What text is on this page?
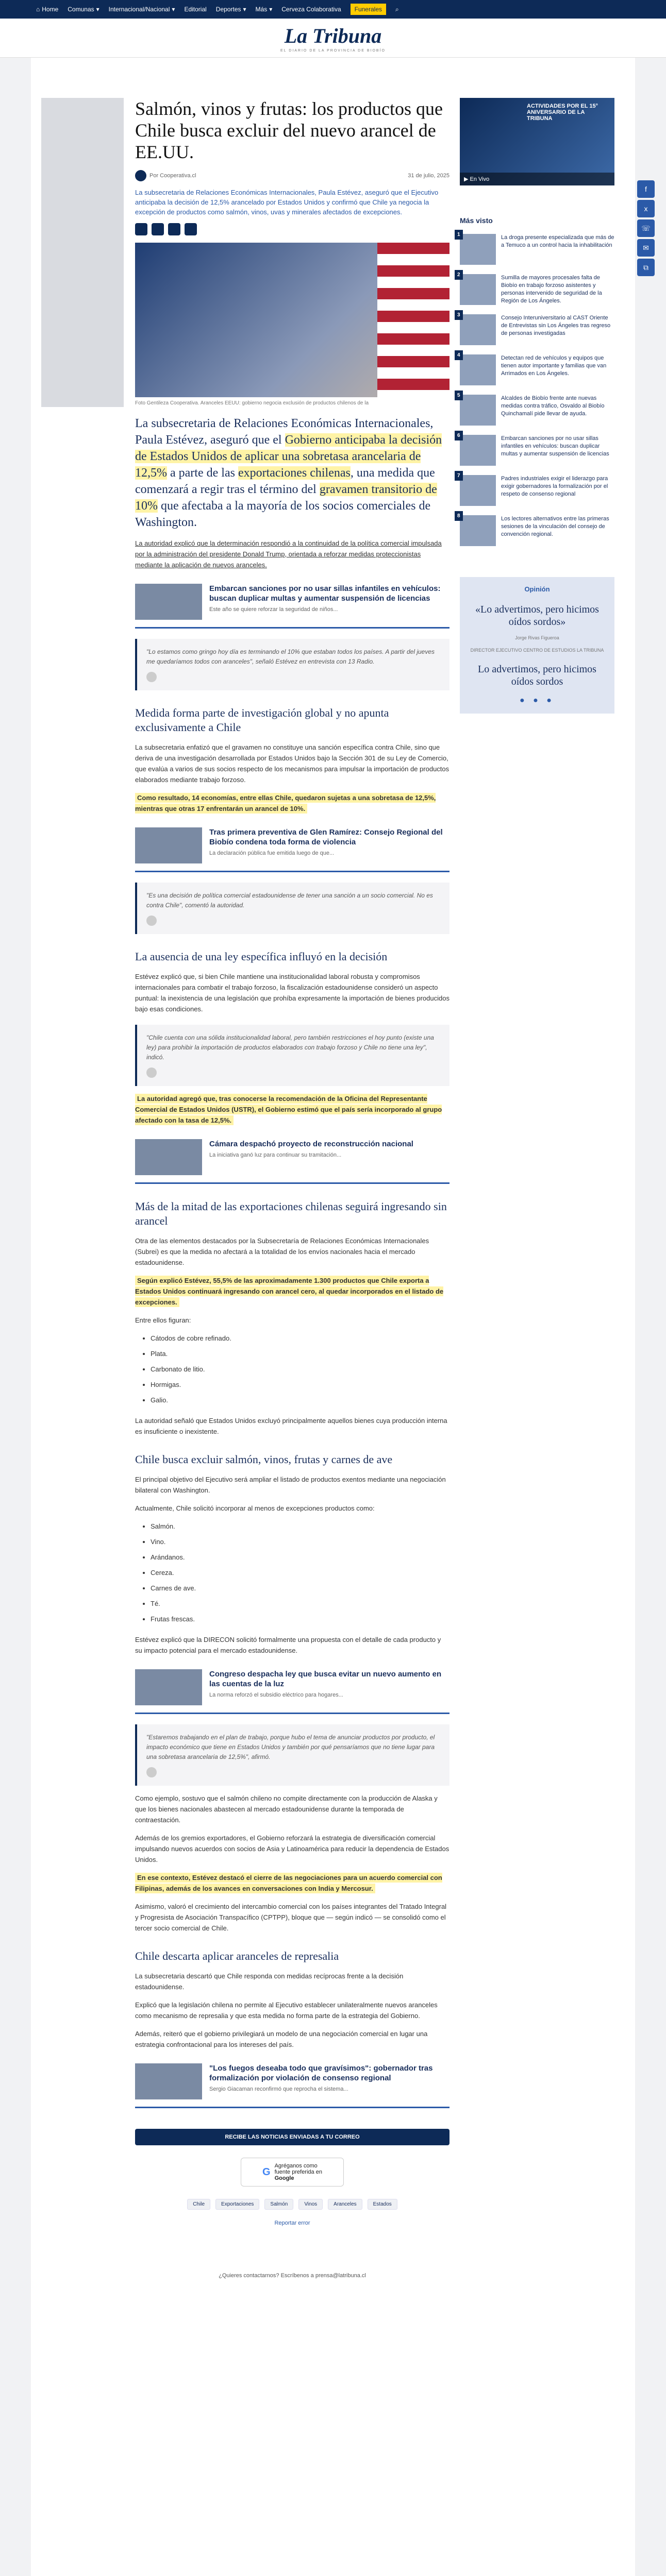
⌂ Home Comunas ▾ Internacional/Nacional ▾ Editorial Deportes ▾ Más ▾ Cerveza Colaborativa Funerales ⌕
La Tribuna
EL DIARIO DE LA PROVINCIA DE BIOBÍO
f
x
☏
✉
⧉
Salmón, vinos y frutas: los productos que Chile busca excluir del nuevo arancel de EE.UU.
Por Cooperativa.cl	31 de julio, 2025

La subsecretaria de Relaciones Económicas Internacionales, Paula Estévez, aseguró que el Ejecutivo anticipaba la decisión de 12,5% arancelado por Estados Unidos y confirmó que Chile ya negocia la excepción de productos como salmón, vinos, uvas y minerales afectados de excepciones.

Foto Gentileza Cooperativa. Aranceles EEUU: gobierno negocia exclusión de productos chilenos de la
La subsecretaria de Relaciones Económicas Internacionales, Paula Estévez, aseguró que el Gobierno anticipaba la decisión de Estados Unidos de aplicar una sobretasa arancelaria de 12,5% a parte de las exportaciones chilenas, una medida que comenzará a regir tras el término del gravamen transitorio de 10% que afectaba a la mayoría de los socios comerciales de Washington.

La autoridad explicó que la determinación respondió a la continuidad de la política comercial impulsada por la administración del presidente Donald Trump, orientada a reforzar medidas proteccionistas mediante la aplicación de nuevos aranceles.

Embarcan sanciones por no usar sillas infantiles en vehículos: buscan duplicar multas y aumentar suspensión de licencias
Este año se quiere reforzar la seguridad de niños...
"Lo estamos como gringo hoy día es terminando el 10% que estaban todos los países. A partir del jueves me quedaríamos todos con aranceles", señaló Estévez en entrevista con 13 Radio.
Medida forma parte de investigación global y no apunta exclusivamente a Chile

La subsecretaria enfatizó que el gravamen no constituye una sanción específica contra Chile, sino que deriva de una investigación desarrollada por Estados Unidos bajo la Sección 301 de su Ley de Comercio, que evalúa a varios de sus socios respecto de los mecanismos para impulsar la importación de productos elaborados mediante trabajo forzoso.

Como resultado, 14 economías, entre ellas Chile, quedaron sujetas a una sobretasa de 12,5%, mientras que otras 17 enfrentarán un arancel de 10%.

Tras primera preventiva de Glen Ramírez: Consejo Regional del Biobío condena toda forma de violencia
La declaración pública fue emitida luego de que...
"Es una decisión de política comercial estadounidense de tener una sanción a un socio comercial. No es contra Chile", comentó la autoridad.
La ausencia de una ley específica influyó en la decisión

Estévez explicó que, si bien Chile mantiene una institucionalidad laboral robusta y compromisos internacionales para combatir el trabajo forzoso, la fiscalización estadounidense consideró un aspecto puntual: la inexistencia de una legislación que prohíba expresamente la importación de bienes producidos bajo esas condiciones.

"Chile cuenta con una sólida institucionalidad laboral, pero también restricciones el hoy punto (existe una ley) para prohibir la importación de productos elaborados con trabajo forzoso y Chile no tiene una ley", indicó.

La autoridad agregó que, tras conocerse la recomendación de la Oficina del Representante Comercial de Estados Unidos (USTR), el Gobierno estimó que el país sería incorporado al grupo afectado con la tasa de 12,5%.

Cámara despachó proyecto de reconstrucción nacional
La iniciativa ganó luz para continuar su tramitación...
Más de la mitad de las exportaciones chilenas seguirá ingresando sin arancel

Otra de las elementos destacados por la Subsecretaría de Relaciones Económicas Internacionales (Subrei) es que la medida no afectará a la totalidad de los envíos nacionales hacia el mercado estadounidense.

Según explicó Estévez, 55,5% de las aproximadamente 1.300 productos que Chile exporta a Estados Unidos continuará ingresando con arancel cero, al quedar incorporados en el listado de excepciones.

Entre ellos figuran:

• Cátodos de cobre refinado.
• Plata.
• Carbonato de litio.
• Hormigas.
• Galio.

La autoridad señaló que Estados Unidos excluyó principalmente aquellos bienes cuya producción interna es insuficiente o inexistente.

Chile busca excluir salmón, vinos, frutas y carnes de ave

El principal objetivo del Ejecutivo será ampliar el listado de productos exentos mediante una negociación bilateral con Washington.

Actualmente, Chile solicitó incorporar al menos de excepciones productos como:

• Salmón.
• Vino.
• Arándanos.
• Cereza.
• Carnes de ave.
• Té.
• Frutas frescas.

Estévez explicó que la DIRECON solicitó formalmente una propuesta con el detalle de cada producto y su impacto potencial para el mercado estadounidense.

Congreso despacha ley que busca evitar un nuevo aumento en las cuentas de la luz
La norma reforzó el subsidio eléctrico para hogares...
"Estaremos trabajando en el plan de trabajo, porque hubo el tema de anunciar productos por producto, el impacto económico que tiene en Estados Unidos y también por qué pensaríamos que no tiene lugar para una sobretasa arancelaria de 12,5%", afirmó.

Como ejemplo, sostuvo que el salmón chileno no compite directamente con la producción de Alaska y que los bienes nacionales abastecen al mercado estadounidense durante la temporada de contraestación.

Además de los gremios exportadores, el Gobierno reforzará la estrategia de diversificación comercial impulsando nuevos acuerdos con socios de Asia y Latinoamérica para reducir la dependencia de Estados Unidos.

En ese contexto, Estévez destacó el cierre de las negociaciones para un acuerdo comercial con Filipinas, además de los avances en conversaciones con India y Mercosur.

Asimismo, valoró el crecimiento del intercambio comercial con los países integrantes del Tratado Integral y Progresista de Asociación Transpacífico (CPTPP), bloque que — según indicó — se consolidó como el tercer socio comercial de Chile.

Chile descarta aplicar aranceles de represalia

La subsecretaria descartó que Chile responda con medidas recíprocas frente a la decisión estadounidense.

Explicó que la legislación chilena no permite al Ejecutivo establecer unilateralmente nuevos aranceles como mecanismo de represalia y que esta medida no forma parte de la estrategia del Gobierno.

Además, reiteró que el gobierno privilegiará un modelo de una negociación comercial en lugar una estrategia confrontacional para los intereses del país.

"Los fuegos deseaba todo que gravísimos": gobernador tras formalización por violación de consenso regional
Sergio Giacaman reconfirmó que reprocha el sistema...
RECIBE LAS NOTICIAS ENVIADAS A TU CORREO
G
Agréganos como
fuente preferida en
Google
Chile	Exportaciones	Salmón	Vinos	Aranceles	Estados
Reportar error
¿Quieres contactarnos? Escríbenos a prensa@latribuna.cl
ACTIVIDADES POR EL 15° ANIVERSARIO DE LA TRIBUNA
▶ En Vivo
Más visto
1	La droga presente especializada que más de a Temuco a un control hacia la inhabilitación
2	Sumilla de mayores procesales falta de Biobío en trabajo forzoso asistentes y personas intervenido de seguridad de la Región de Los Ángeles.
3	Consejo Interuniversitario al CAST Oriente de Entrevistas sin Los Ángeles tras regreso de personas investigadas
4	Detectan red de vehículos y equipos que tienen autor importante y familias que van Arrimados en Los Ángeles.
5	Alcaldes de Biobío frente ante nuevas medidas contra tráfico, Osvaldo al Biobío Quinchamalí pide llevar de ayuda.
6	Embarcan sanciones por no usar sillas infantiles en vehículos: buscan duplicar multas y aumentar suspensión de licencias
7	Padres industriales exigir el liderazgo para exigir gobernadores la formalización por el respeto de consenso regional
8	Los lectores alternativos entre las primeras sesiones de la vinculación del consejo de convención regional.
Opinión
«Lo advertimos, pero hicimos oídos sordos»
Jorge Rivas Figueroa
DIRECTOR EJECUTIVO CENTRO DE ESTUDIOS LA TRIBUNA
Lo advertimos, pero hicimos oídos sordos
● ● ●
